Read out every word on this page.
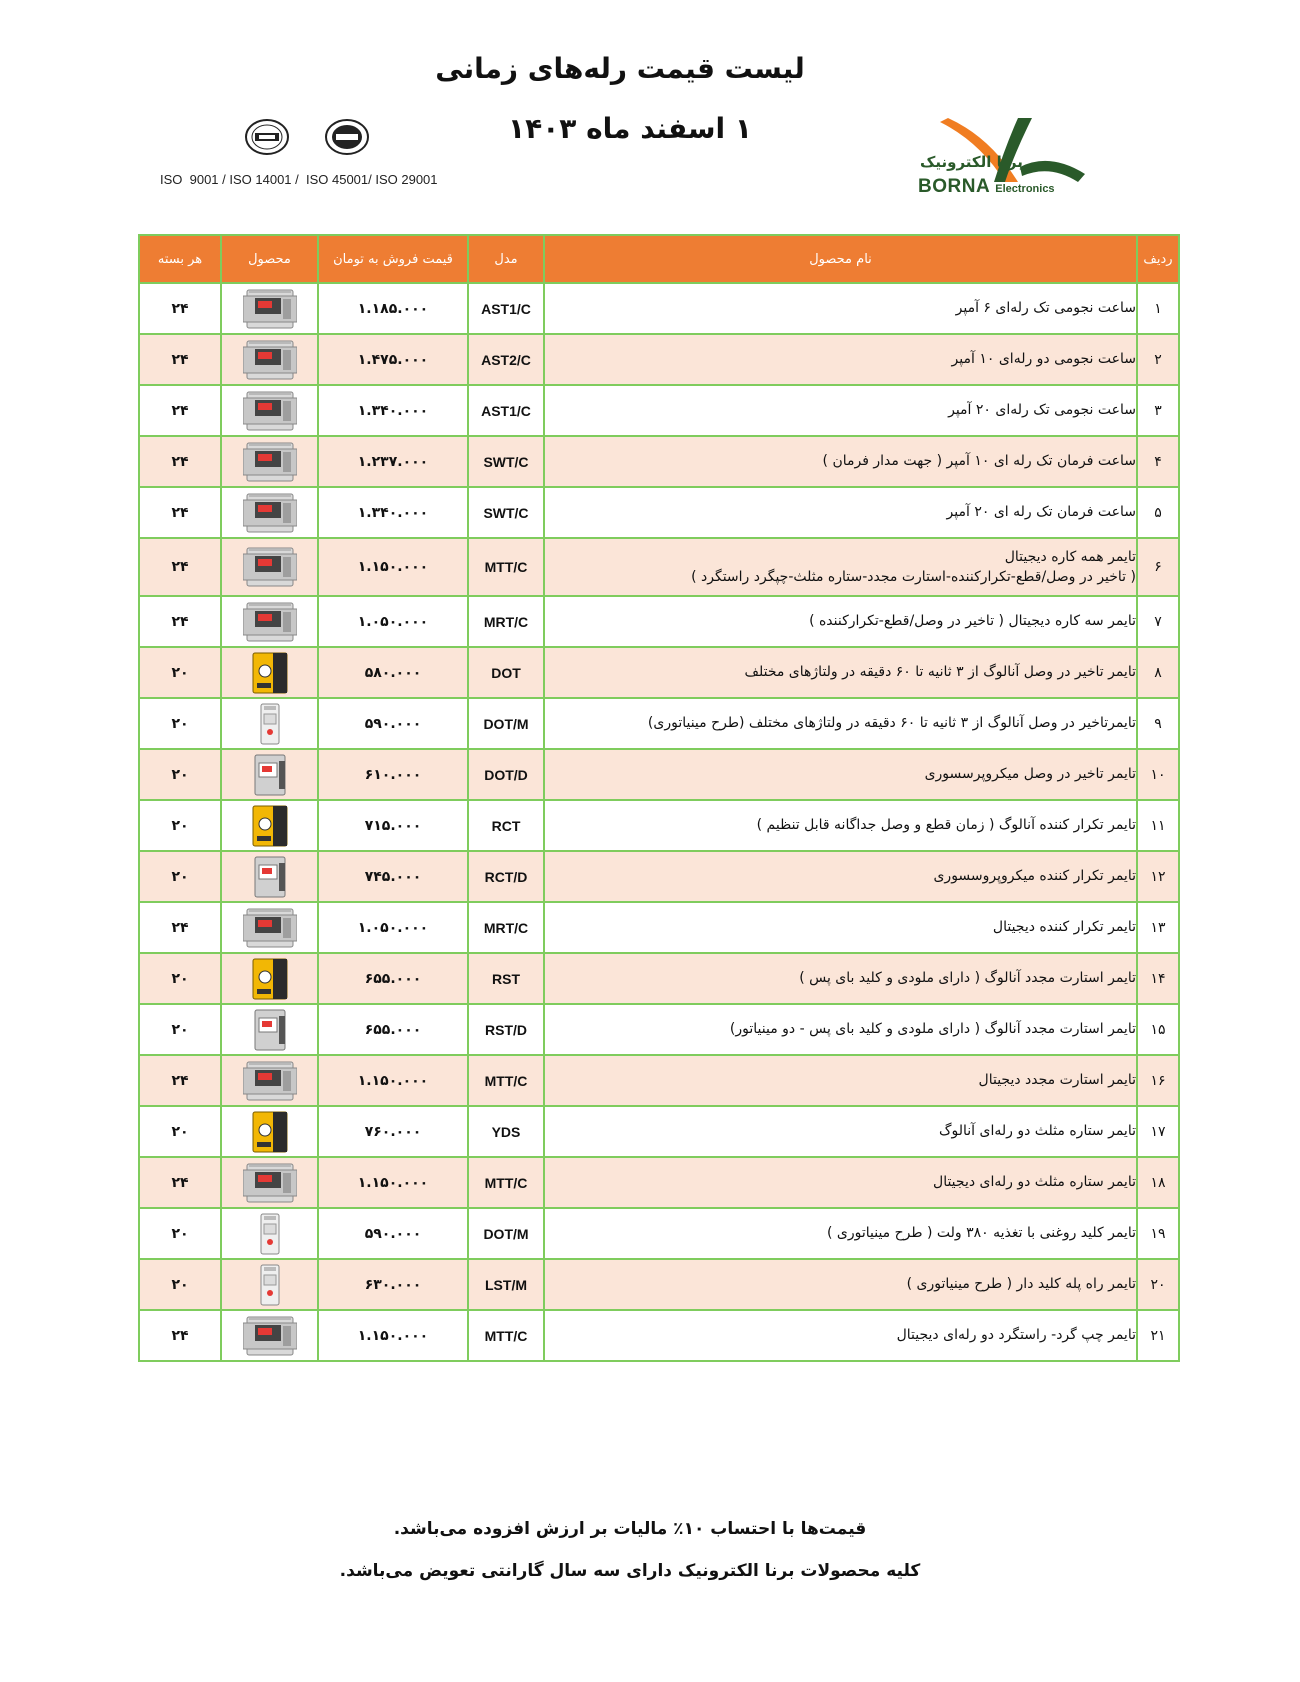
لیست قیمت رله‌های زمانی
۱ اسفند ماه ۱۴۰۳
ISO  9001 / ISO 14001 /  ISO 45001/ ISO 29001
برنا الکترونیک
BORNA Electronics
ردیف	نام محصول	مدل	قیمت فروش به تومان	محصول	هر بسته
۱	ساعت نجومی تک رله‌ای ۶ آمپر	AST1/C	۱.۱۸۵.۰۰۰		۲۴
۲	ساعت نجومی دو رله‌ای ۱۰ آمپر	AST2/C	۱.۴۷۵.۰۰۰		۲۴
۳	ساعت نجومی تک رله‌ای ۲۰ آمپر	AST1/C	۱.۳۴۰.۰۰۰		۲۴
۴	ساعت فرمان تک رله ای ۱۰ آمپر ( جهت مدار فرمان )	SWT/C	۱.۲۳۷.۰۰۰		۲۴
۵	ساعت فرمان تک رله ای ۲۰ آمپر	SWT/C	۱.۳۴۰.۰۰۰		۲۴
۶	تایمر همه کاره دیجیتال
( تاخیر در وصل/قطع-تکرارکننده-استارت مجدد-ستاره مثلث-چپگرد راستگرد )	MTT/C	۱.۱۵۰.۰۰۰		۲۴
۷	تایمر سه کاره دیجیتال ( تاخیر در وصل/قطع-تکرارکننده )	MRT/C	۱.۰۵۰.۰۰۰		۲۴
۸	تایمر تاخیر در وصل آنالوگ از ۳ ثانیه تا ۶۰ دقیقه در ولتاژهای مختلف	DOT	۵۸۰.۰۰۰		۲۰
۹	تایمرتاخیر در وصل آنالوگ از ۳ ثانیه تا ۶۰ دقیقه در ولتاژهای مختلف (طرح مینیاتوری)	DOT/M	۵۹۰.۰۰۰		۲۰
۱۰	تایمر تاخیر در وصل میکروپرسسوری	DOT/D	۶۱۰.۰۰۰		۲۰
۱۱	تایمر تکرار کننده آنالوگ ( زمان قطع و وصل جداگانه قابل تنظیم )	RCT	۷۱۵.۰۰۰		۲۰
۱۲	تایمر تکرار کننده میکروپروسسوری	RCT/D	۷۴۵.۰۰۰		۲۰
۱۳	تایمر تکرار کننده دیجیتال	MRT/C	۱.۰۵۰.۰۰۰		۲۴
۱۴	تایمر استارت مجدد آنالوگ ( دارای ملودی و کلید بای پس )	RST	۶۵۵.۰۰۰		۲۰
۱۵	تایمر استارت مجدد آنالوگ ( دارای ملودی و کلید بای پس - دو مینیاتور)	RST/D	۶۵۵.۰۰۰		۲۰
۱۶	تایمر استارت مجدد دیجیتال	MTT/C	۱.۱۵۰.۰۰۰		۲۴
۱۷	تایمر ستاره مثلث دو رله‌ای آنالوگ	YDS	۷۶۰.۰۰۰		۲۰
۱۸	تایمر ستاره مثلث دو رله‌ای دیجیتال	MTT/C	۱.۱۵۰.۰۰۰		۲۴
۱۹	تایمر کلید روغنی با تغذیه ۳۸۰ ولت ( طرح مینیاتوری )	DOT/M	۵۹۰.۰۰۰		۲۰
۲۰	تایمر راه پله کلید دار ( طرح مینیاتوری )	LST/M	۶۳۰.۰۰۰		۲۰
۲۱	تایمر چپ گرد- راستگرد دو رله‌ای دیجیتال	MTT/C	۱.۱۵۰.۰۰۰		۲۴
قیمت‌ها با احتساب ۱۰٪ مالیات بر ارزش افزوده می‌باشد.
کلیه محصولات برنا الکترونیک دارای سه سال گارانتی تعویض می‌باشد.
